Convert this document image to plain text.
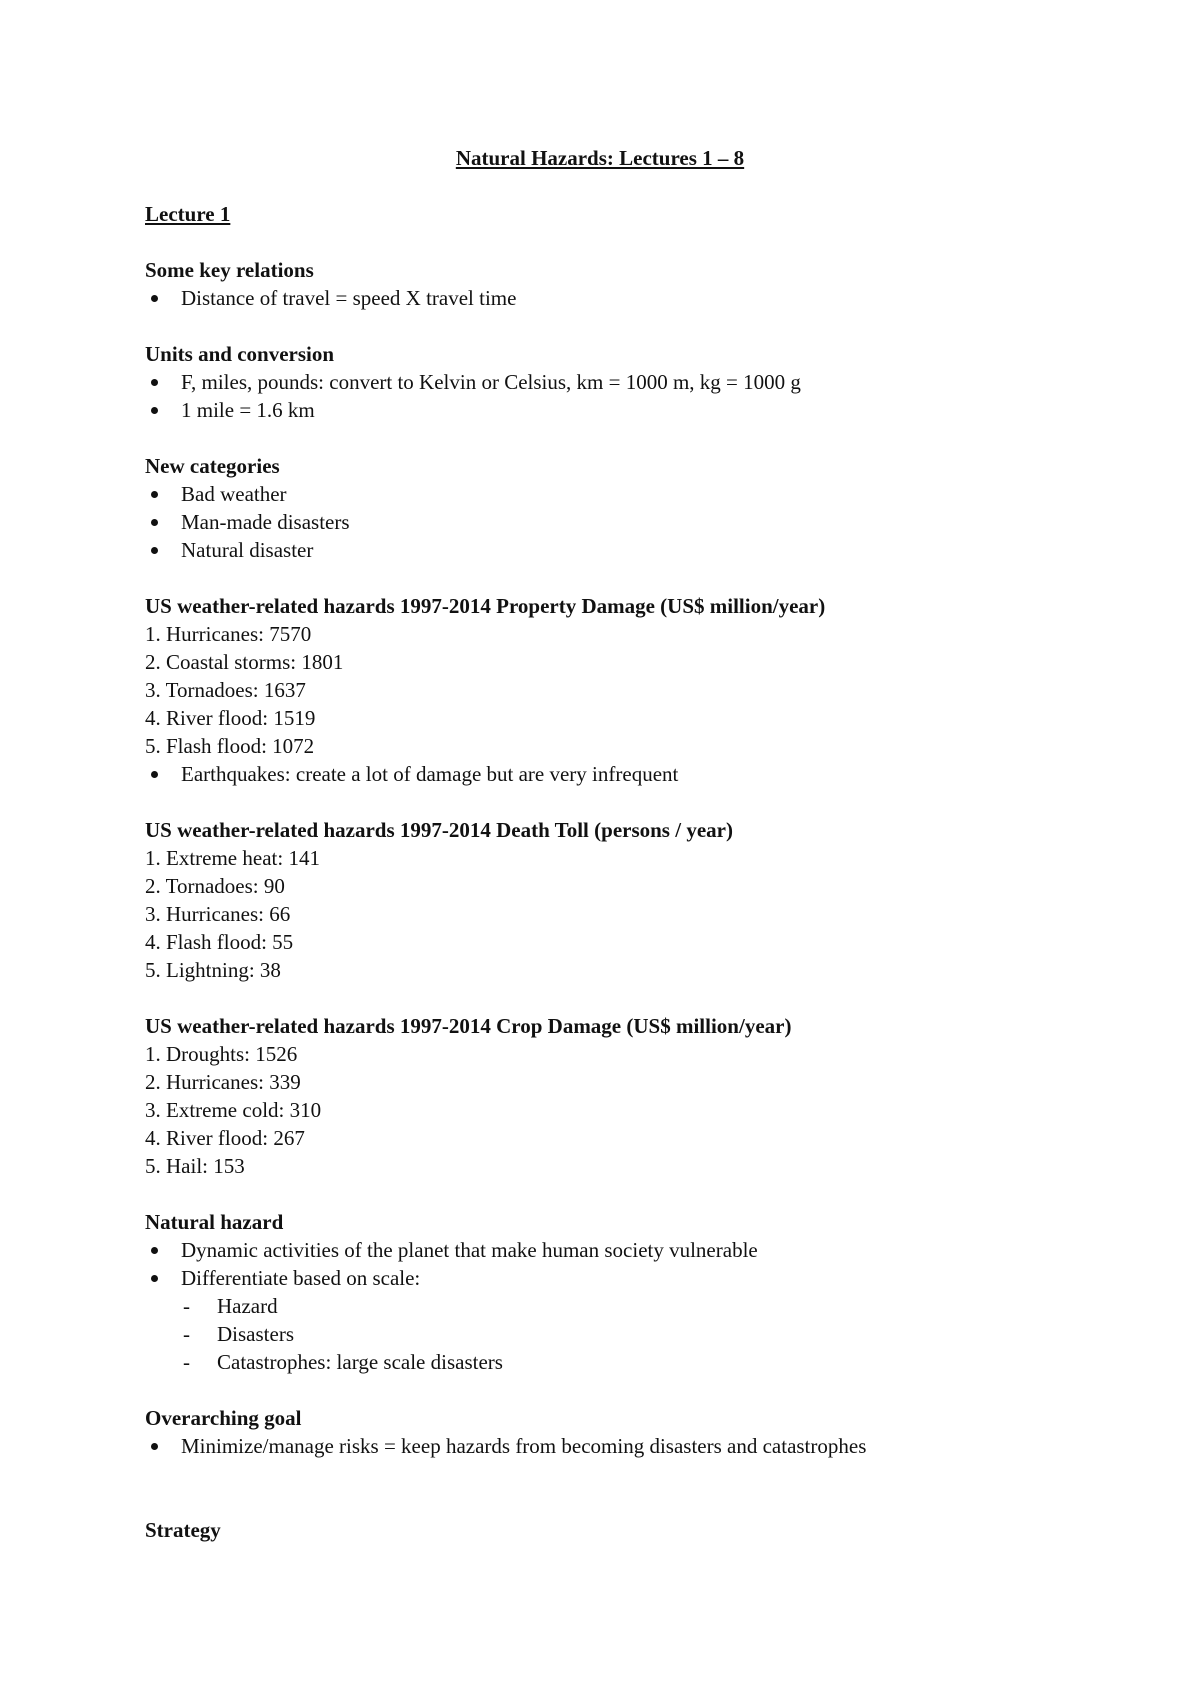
Natural Hazards: Lectures 1 – 8
Lecture 1
Some key relations
Distance of travel = speed X travel time
Units and conversion
F, miles, pounds: convert to Kelvin or Celsius, km = 1000 m, kg = 1000 g
1 mile = 1.6 km
New categories
Bad weather
Man-made disasters
Natural disaster
US weather-related hazards 1997-2014 Property Damage (US$ million/year)
1. Hurricanes: 7570
2. Coastal storms: 1801
3. Tornadoes: 1637
4. River flood: 1519
5. Flash flood: 1072
Earthquakes: create a lot of damage but are very infrequent
US weather-related hazards 1997-2014 Death Toll (persons / year)
1. Extreme heat: 141
2. Tornadoes: 90
3. Hurricanes: 66
4. Flash flood: 55
5. Lightning: 38
US weather-related hazards 1997-2014 Crop Damage (US$ million/year)
1. Droughts: 1526
2. Hurricanes: 339
3. Extreme cold: 310
4. River flood: 267
5. Hail: 153
Natural hazard
Dynamic activities of the planet that make human society vulnerable
Differentiate based on scale:
- Hazard
- Disasters
- Catastrophes: large scale disasters
Overarching goal
Minimize/manage risks = keep hazards from becoming disasters and catastrophes
Strategy
